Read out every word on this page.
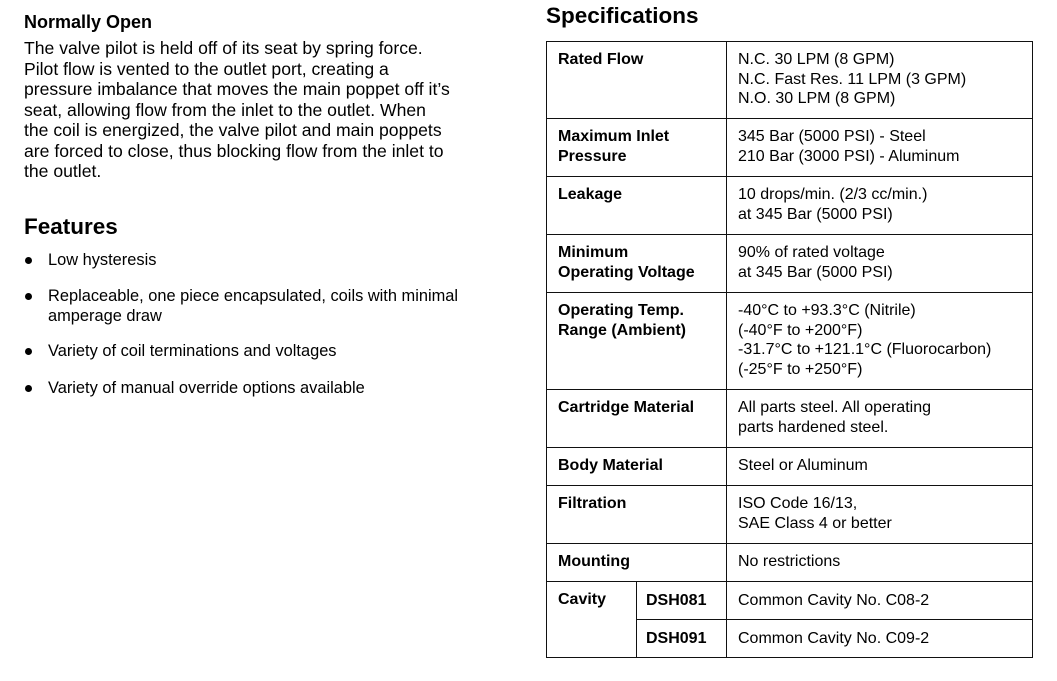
Normally Open

The valve pilot is held off of its seat by spring force.
Pilot flow is vented to the outlet port, creating a
pressure imbalance that moves the main poppet off it’s
seat, allowing flow from the inlet to the outlet. When
the coil is energized, the valve pilot and main poppets
are forced to close, thus blocking flow from the inlet to
the outlet.

Features
Low hysteresis
Replaceable, one piece encapsulated, coils with minimal
amperage draw
Variety of coil terminations and voltages
Variety of manual override options available
Specifications
Rated Flow		N.C. 30 LPM (8 GPM)
N.C. Fast Res. 11 LPM (3 GPM)
N.O. 30 LPM (8 GPM)

Maximum Inlet
Pressure		345 Bar (5000 PSI) - Steel
210 Bar (3000 PSI) - Aluminum

Leakage		10 drops/min. (2/3 cc/min.)
at 345 Bar (5000 PSI)

Minimum
Operating Voltage		90% of rated voltage
at 345 Bar (5000 PSI)

Operating Temp.
Range (Ambient)		-40°C to +93.3°C (Nitrile)
(-40°F to +200°F)
-31.7°C to +121.1°C (Fluorocarbon)
(-25°F to +250°F)

Cartridge Material		All parts steel. All operating
parts hardened steel.

Body Material		Steel or Aluminum

Filtration		ISO Code 16/13,
SAE Class 4 or better

Mounting		No restrictions

Cavity	DSH081	Common Cavity No. C08-2

	DSH091	Common Cavity No. C09-2
